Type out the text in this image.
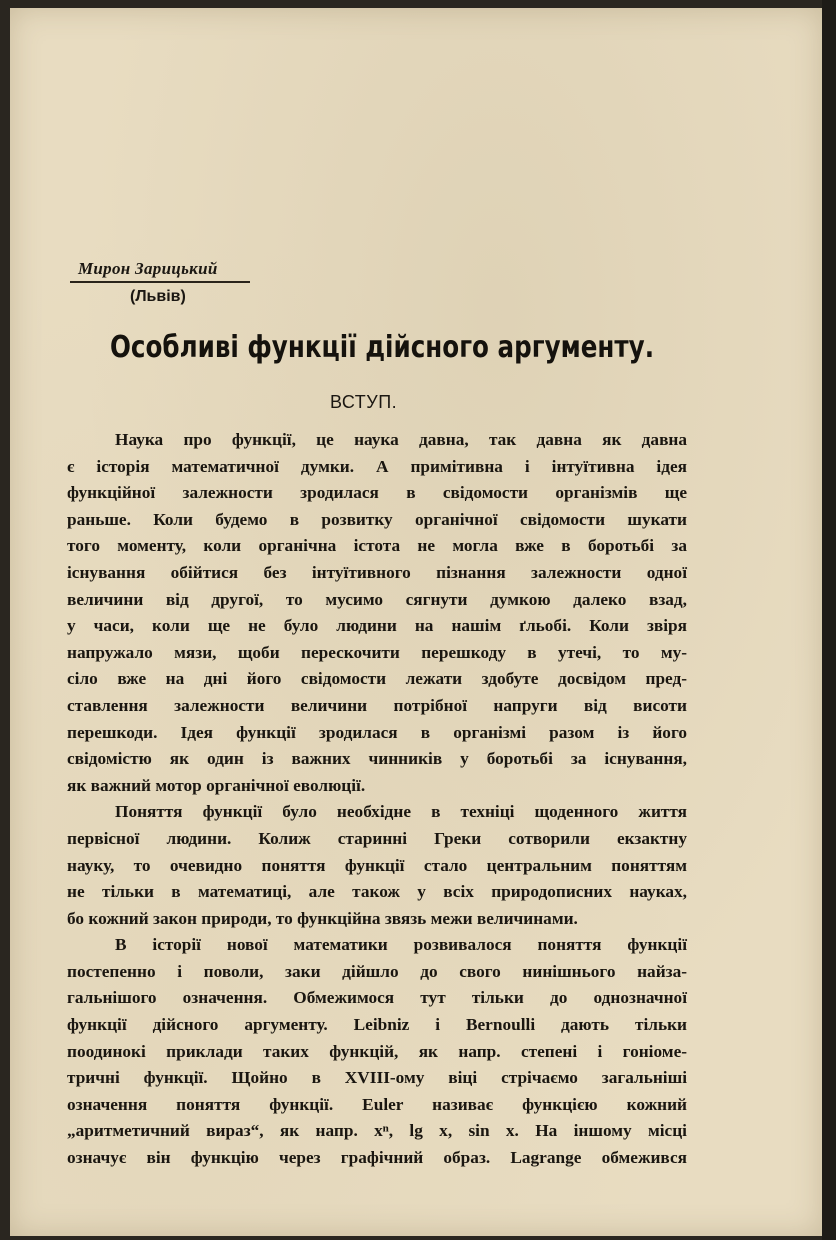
Мирон Зарицький
(Львів)
Особливі функції дійсного аргументу.
ВСТУП.
Наука про функції, це наука давна, так давна як давна
є історія математичної думки. А примітивна і інтуїтивна ідея
функційної залежности зродилася в свідомости організмів ще
раньше. Коли будемо в розвитку органічної свідомости шукати
того моменту, коли органічна істота не могла вже в боротьбі за
існування обійтися без інтуїтивного пізнання залежности одної
величини від другої, то мусимо сягнути думкою далеко взад,
у часи, коли ще не було людини на нашім ґльобі. Коли звіря
напружало мязи, щоби перескочити перешкоду в утечі, то му-
сіло вже на дні його свідомости лежати здобуте досвідом пред-
ставлення залежности величини потрібної напруги від висоти
перешкоди. Ідея функції зродилася в організмі разом із його
свідомістю як один із важних чинників у боротьбі за існування,
як важний мотор органічної еволюції.
Поняття функції було необхідне в техніці щоденного життя
первісної людини. Колиж старинні Греки сотворили екзактну
науку, то очевидно поняття функції стало центральним поняттям
не тільки в математиці, але також у всіх природописних науках,
бо кожний закон природи, то функційна звязь межи величинами.
В історії нової математики розвивалося поняття функції
постепенно і поволи, заки дійшло до свого нинішнього найза-
гальнішого означення. Обмежимося тут тільки до однозначної
функції дійсного аргументу. Leibniz і Bernoulli дають тільки
поодинокі приклади таких функцій, як напр. степені і гоніоме-
тричні функції. Щойно в XVIII-ому віці стрічаємо загальніші
означення поняття функції. Euler називає функцією кожний
„аритметичний вираз“, як напр. xⁿ, lg x, sin x. На іншому місці
означує він функцію через графічний образ. Lagrange обмежився
